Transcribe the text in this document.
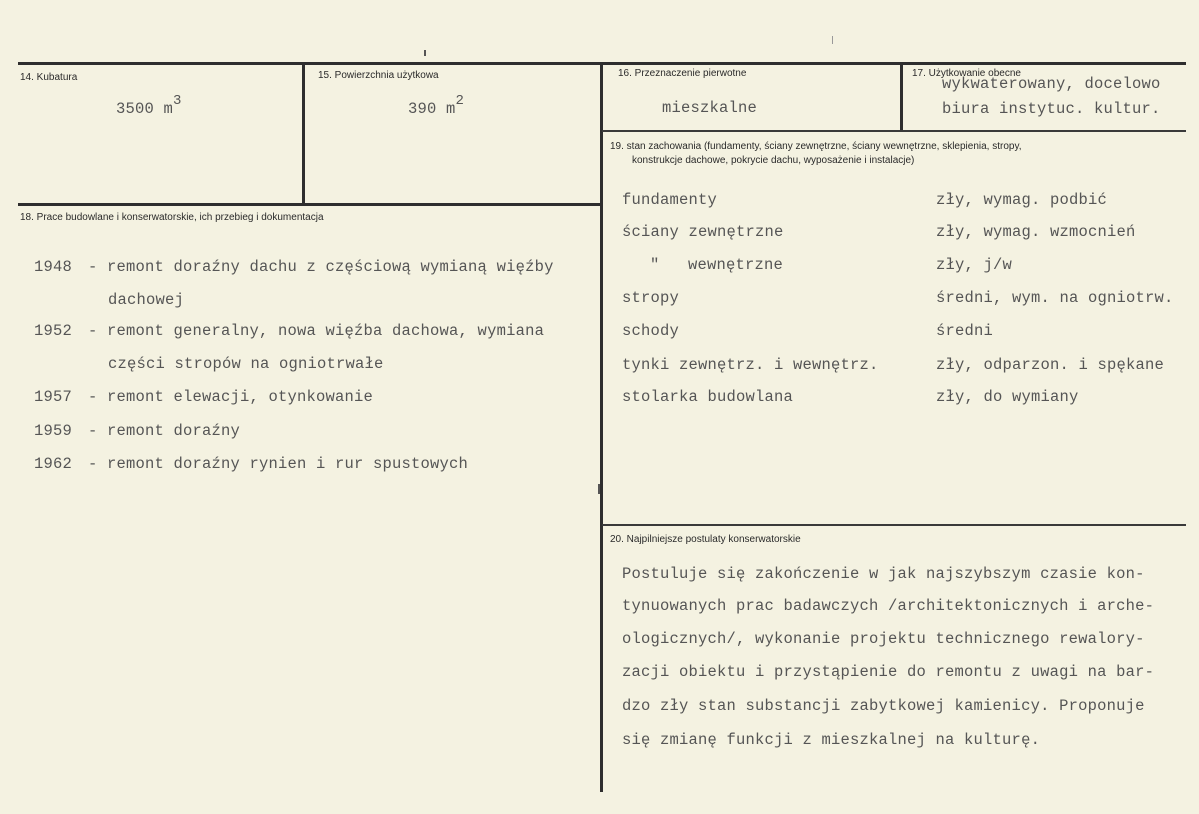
14. Kubatura
3500 m3
15. Powierzchnia użytkowa
390 m2
16. Przeznaczenie pierwotne
mieszkalne
17. Użytkowanie obecne
wykwaterowany, docelowo
biura instytuc. kultur.
19. stan zachowania (fundamenty, ściany zewnętrzne, ściany wewnętrzne, sklepienia, stropy,
konstrukcje dachowe, pokrycie dachu, wyposażenie i instalacje)
fundamenty	zły, wymag. podbić
ściany zewnętrzne	zły, wymag. wzmocnień
"   wewnętrzne	zły, j/w
stropy	średni, wym. na ogniotrw.
schody	średni
tynki zewnętrz. i wewnętrz.	zły, odparzon. i spękane
stolarka budowlana	zły, do wymiany
18. Prace budowlane i konserwatorskie, ich przebieg i dokumentacja
1948 - remont doraźny dachu z częściową wymianą więźby
dachowej
1952 - remont generalny, nowa więźba dachowa, wymiana
części stropów na ogniotrwałe
1957 - remont elewacji, otynkowanie
1959 - remont doraźny
1962 - remont doraźny rynien i rur spustowych
20. Najpilniejsze postulaty konserwatorskie
Postuluje się zakończenie w jak najszybszym czasie kon-
tynuowanych prac badawczych /architektonicznych i arche-
ologicznych/, wykonanie projektu technicznego rewalory-
zacji obiektu i przystąpienie do remontu z uwagi na bar-
dzo zły stan substancji zabytkowej kamienicy. Proponuje
się zmianę funkcji z mieszkalnej na kulturę.
